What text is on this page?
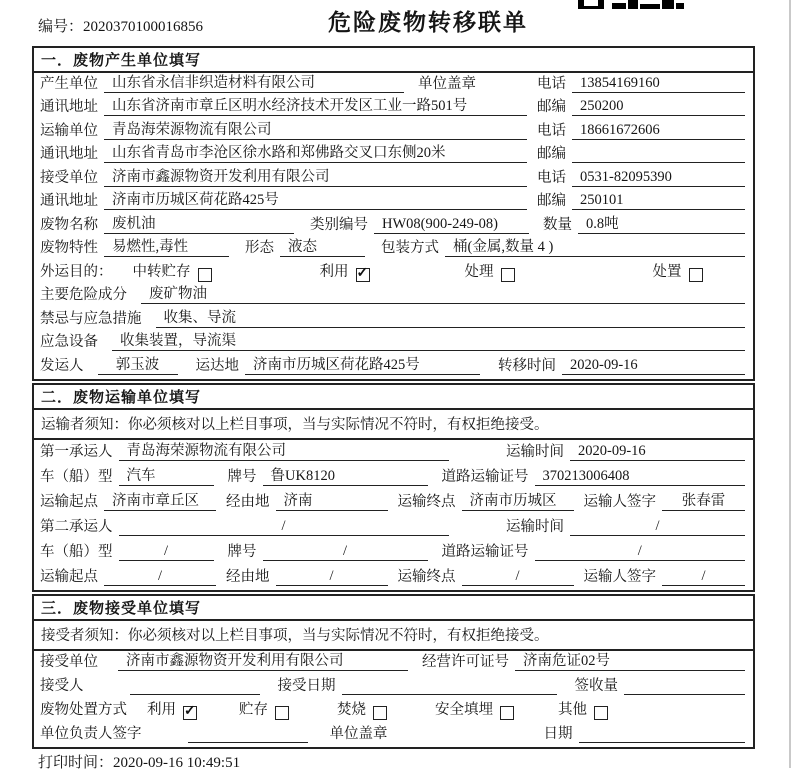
编号：2020370100016856	危险废物转移联单
一．废物产生单位填写
产生单位 山东省永信非织造材料有限公司	单位盖章	电话 13854169160
通讯地址 山东省济南市章丘区明水经济技术开发区工业一路501号	邮编 250200
运输单位 青岛海荣源物流有限公司	电话 18661672606
通讯地址 山东省青岛市李沧区徐水路和郑佛路交叉口东侧20米	邮编
接受单位 济南市鑫源物资开发利用有限公司	电话 0531-82095390
通讯地址 济南市历城区荷花路425号	邮编 250101
废物名称 废机油	类别编号 HW08(900-249-08)	数量 0.8吨
废物特性 易燃性,毒性	形态 液态	包装方式 桶(金属,数量 4 )
外运目的：	中转贮存	利用 ✓	处理	处置
主要危险成分	废矿物油
禁忌与应急措施	收集、导流
应急设备	收集装置，导流渠
发运人	郭玉波	运达地 济南市历城区荷花路425号	转移时间 2020-09-16
二．废物运输单位填写
运输者须知：你必须核对以上栏目事项，当与实际情况不符时，有权拒绝接受。
第一承运人 青岛海荣源物流有限公司	运输时间 2020-09-16
车（船）型 汽车	牌号 鲁UK8120	道路运输证号 370213006408
运输起点 济南市章丘区	经由地 济南	运输终点 济南市历城区	运输人签字	张春雷
第二承运人	/	运输时间	/
车（船）型	/	牌号	/	道路运输证号	/
运输起点	/	经由地	/	运输终点	/	运输人签字	/
三．废物接受单位填写
接受者须知：你必须核对以上栏目事项，当与实际情况不符时，有权拒绝接受。
接受单位	济南市鑫源物资开发利用有限公司	经营许可证号 济南危证02号
接受人	接受日期	签收量
废物处置方式	利用 ✓	贮存	焚烧	安全填埋	其他
单位负责人签字	单位盖章	日期
打印时间：2020-09-16 10:49:51
